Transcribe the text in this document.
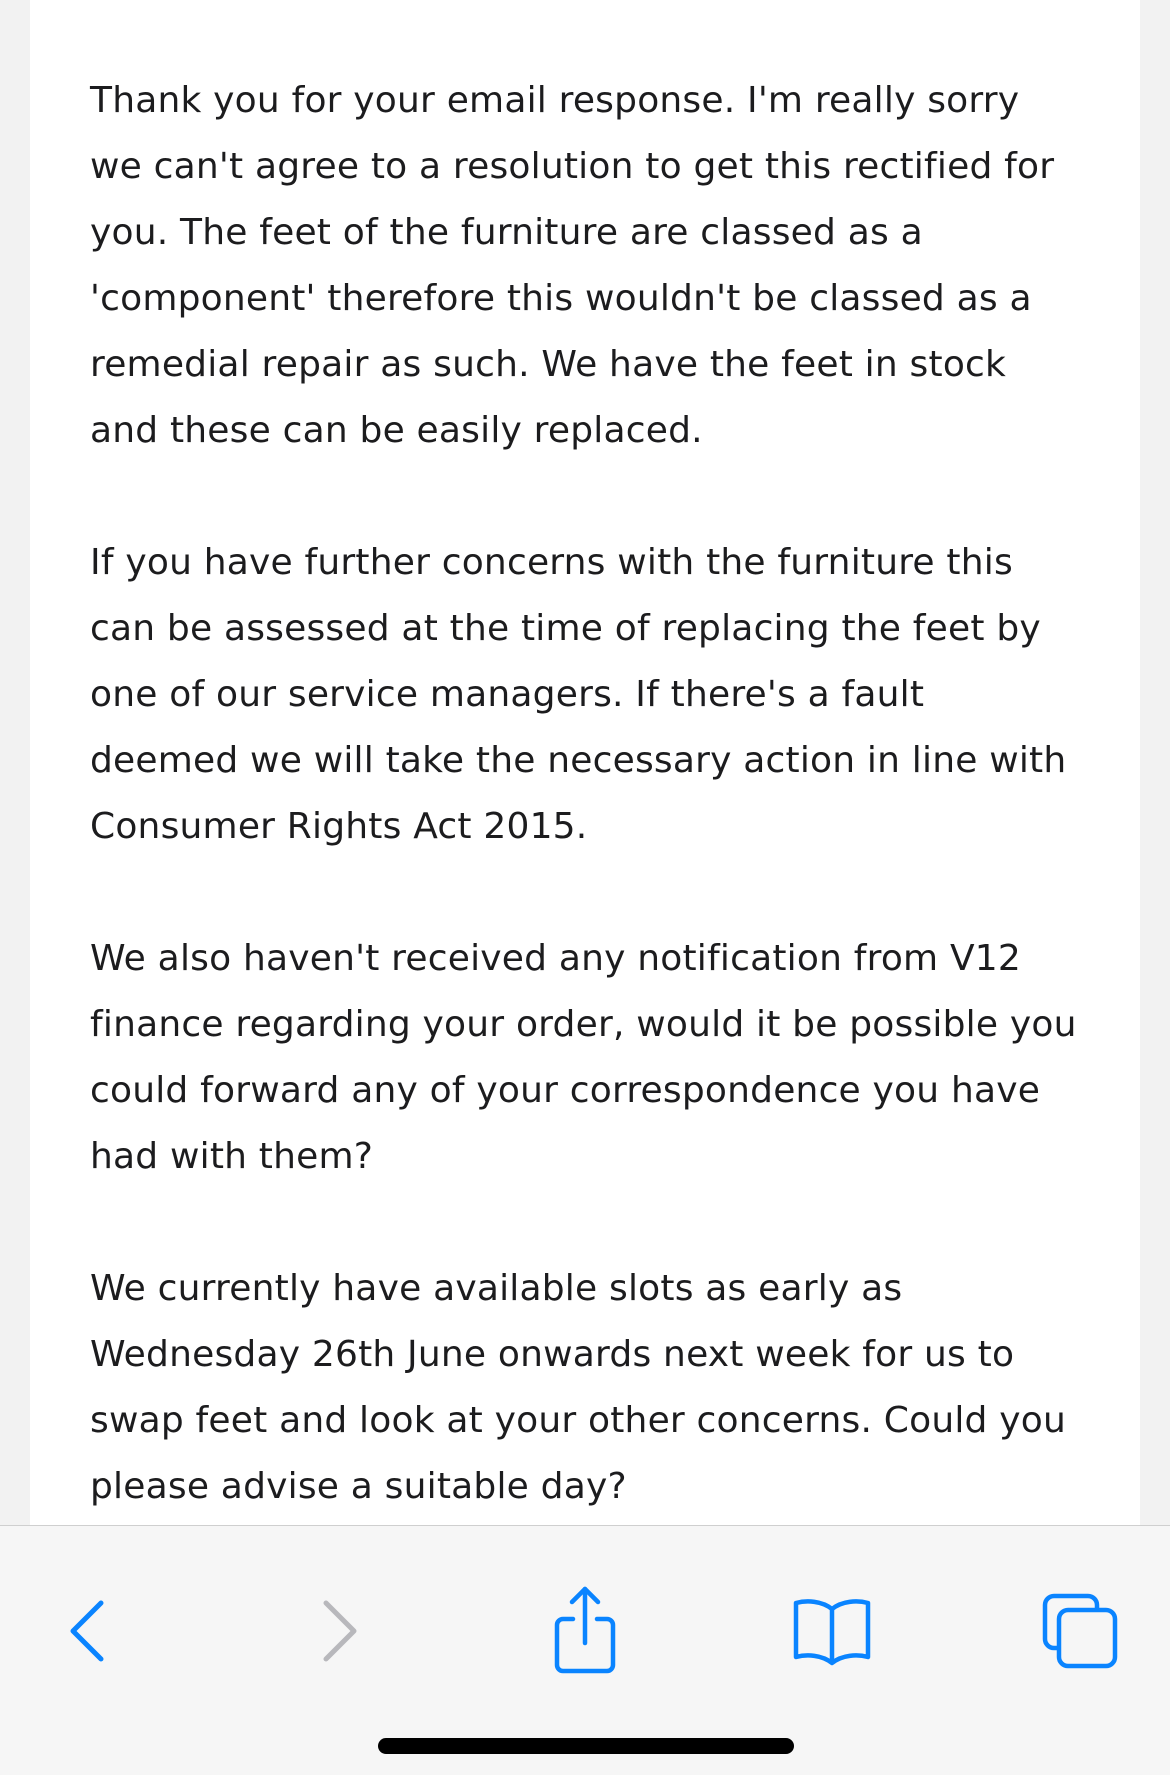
Thank you for your email response. I'm really sorry
we can't agree to a resolution to get this rectified for
you. The feet of the furniture are classed as a
'component' therefore this wouldn't be classed as a
remedial repair as such. We have the feet in stock
and these can be easily replaced.
If you have further concerns with the furniture this
can be assessed at the time of replacing the feet by
one of our service managers. If there's a fault
deemed we will take the necessary action in line with
Consumer Rights Act 2015.
We also haven't received any notification from V12
finance regarding your order, would it be possible you
could forward any of your correspondence you have
had with them?
We currently have available slots as early as
Wednesday 26th June onwards next week for us to
swap feet and look at your other concerns. Could you
please advise a suitable day?
